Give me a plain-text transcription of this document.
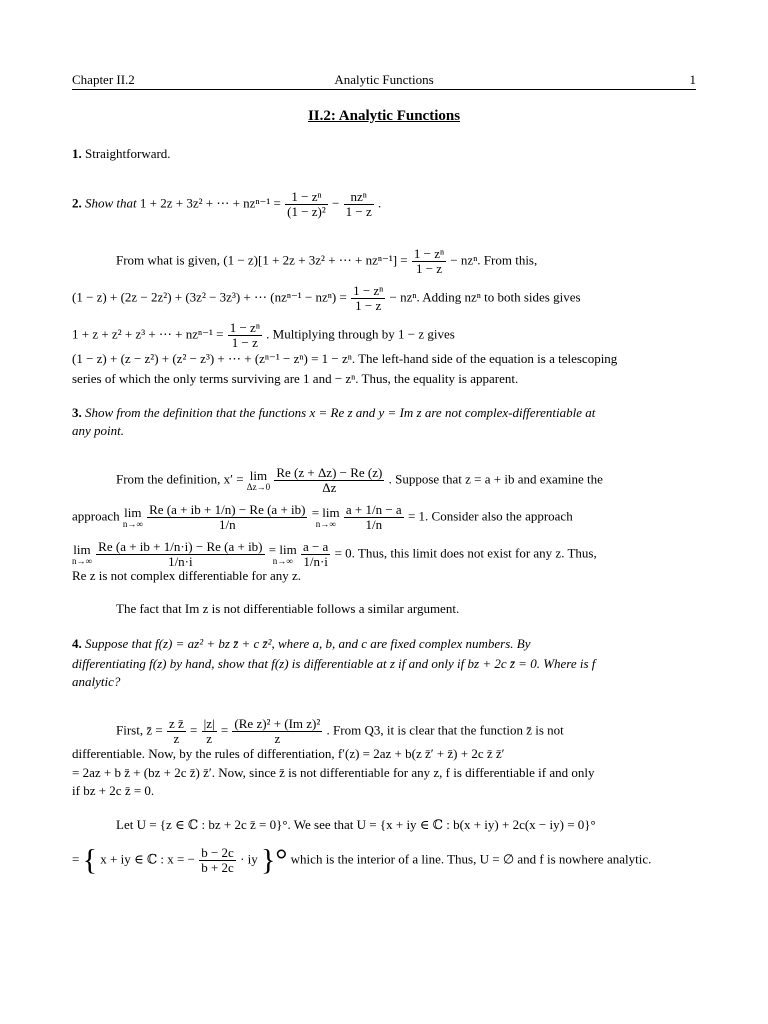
Chapter II.2	Analytic Functions	1
II.2: Analytic Functions
1. Straightforward.
2. Show that 1 + 2z + 3z² + ⋯ + $nz^{n-1} = \frac{\text{1 − zⁿ}}{\text{(1 − z)²}} - \frac{\text{nzⁿ}}{1 - z}$ .
From what is given, (1 − z)[1 + 2z + 3z² + ⋯ + $nz^{n-1}] = \frac{\text{1 − zⁿ}}{1 - z} - nz^n$. From this,
(1 − z) + (2z − 2z²) + (3z² − 3z³) + ⋯ $(nz^{n-1} - nz^n) = \frac{\text{1 − zⁿ}}{1 - z} - nz^n$. Adding nzⁿ to both sides gives
1 + z + z² + z³ + ⋯ + $nz^{n-1} = \frac{\text{1 − zⁿ}}{1 - z}$ . Multiplying through by 1 − z gives
(1 − z) + (z − z²) + (z² − z³) + ⋯ + (zⁿ⁻¹ − zⁿ) = 1 − zⁿ. The left-hand side of the equation is a telescoping
series of which the only terms surviving are 1 and − zⁿ. Thus, the equality is apparent.
3. Show from the definition that the functions x = Re z and y = Im z are not complex-differentiable at
any point.
From the definition, x′ = lim
Δz→0
$\frac{Re (z + \Delta z) - Re (z)}{\Delta z}$ . Suppose that z = a + ib and examine the
approach lim
n→∞
$\frac{Re (a + ib + 1/n) - Re (a + ib)}{1/n} = \lim$
n→∞
$\frac{a + 1/n - a}{1/n} = 1$. Consider also the approach
lim
n→∞
$\frac{Re (a + ib + 1/n\cdot i) - Re (a + ib)}{1/n\cdot i} = \lim$
n→∞
$\frac{a - a}{1/n\cdot i} = 0$. Thus, this limit does not exist for any z. Thus,
Re z is not complex differentiable for any z.
The fact that Im z is not differentiable follows a similar argument.
4. Suppose that f(z) = az² + bz z̄ + c z̄², where a, b, and c are fixed complex numbers. By
differentiating f(z) by hand, show that f(z) is differentiable at z if and only if bz + 2c z̄ = 0. Where is f
analytic?
First, z̄ = $\frac{\text{z z̄}}{z} = \frac{|z|}{z} = \frac{\text{(Re z)² + (Im z)²}}{z}$ . From Q3, it is clear that the function z̄ is not
differentiable. Now, by the rules of differentiation, f′(z) = 2az + b(z z̄′ + z̄) + 2c z̄ z̄′
= 2az + b z̄ + (bz + 2c z̄) z̄′. Now, since z̄ is not differentiable for any z, f is differentiable if and only
if bz + 2c z̄ = 0.
Let U = {z ∈ ℂ : bz + 2c z̄ = 0}°. We see that U = {x + iy ∈ ℂ : b(x + iy) + 2c(x − iy) = 0}°
= { x + iy ∈ ℂ : x = − $\frac{b - 2c}{b + 2c}$ · iy }° which is the interior of a line. Thus, U = ∅ and f is nowhere analytic.
